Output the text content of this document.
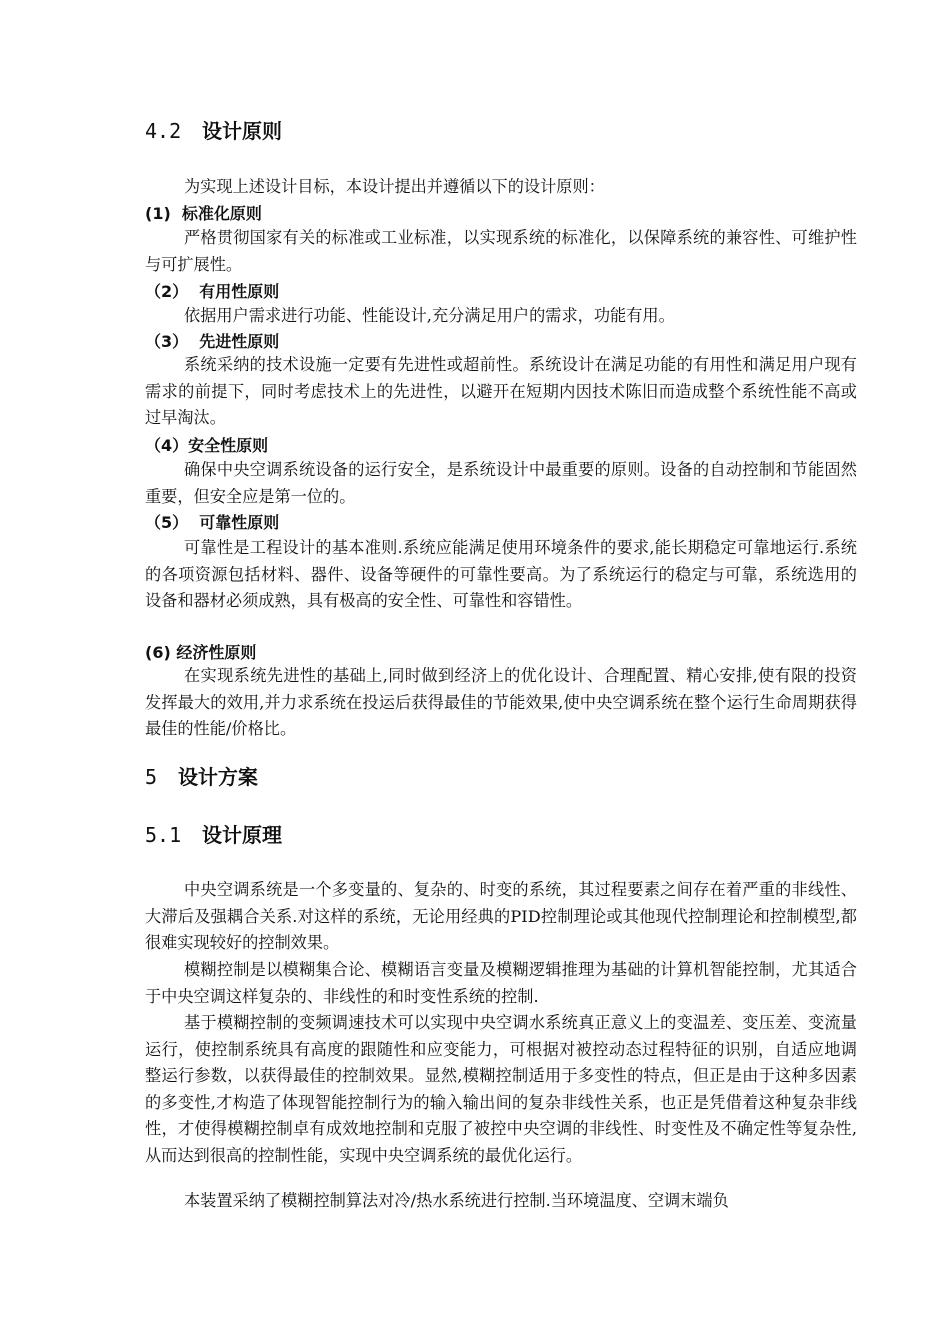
4.2 设计原则

为实现上述设计目标，本设计提出并遵循以下的设计原则：

(1)  标准化原则

严格贯彻国家有关的标准或工业标准，以实现系统的标准化，以保障系统的兼容性、可维护性与可扩展性。

（2）  有用性原则

依据用户需求进行功能、性能设计,充分满足用户的需求，功能有用。

（3）  先进性原则

系统采纳的技术设施一定要有先进性或超前性。系统设计在满足功能的有用性和满足用户现有需求的前提下，同时考虑技术上的先进性，以避开在短期内因技术陈旧而造成整个系统性能不高或过早淘汰。

（4）安全性原则

确保中央空调系统设备的运行安全，是系统设计中最重要的原则。设备的自动控制和节能固然重要，但安全应是第一位的。

（5）  可靠性原则

可靠性是工程设计的基本准则.系统应能满足使用环境条件的要求,能长期稳定可靠地运行.系统的各项资源包括材料、器件、设备等硬件的可靠性要高。为了系统运行的稳定与可靠，系统选用的设备和器材必须成熟，具有极高的安全性、可靠性和容错性。

(6) 经济性原则

在实现系统先进性的基础上,同时做到经济上的优化设计、合理配置、精心安排,使有限的投资发挥最大的效用,并力求系统在投运后获得最佳的节能效果,使中央空调系统在整个运行生命周期获得最佳的性能/价格比。

5 设计方案
5.1 设计原理

中央空调系统是一个多变量的、复杂的、时变的系统，其过程要素之间存在着严重的非线性、大滞后及强耦合关系.对这样的系统，无论用经典的PID控制理论或其他现代控制理论和控制模型,都很难实现较好的控制效果。

模糊控制是以模糊集合论、模糊语言变量及模糊逻辑推理为基础的计算机智能控制，尤其适合于中央空调这样复杂的、非线性的和时变性系统的控制.

基于模糊控制的变频调速技术可以实现中央空调水系统真正意义上的变温差、变压差、变流量运行，使控制系统具有高度的跟随性和应变能力，可根据对被控动态过程特征的识别，自适应地调整运行参数，以获得最佳的控制效果。显然,模糊控制适用于多变性的特点，但正是由于这种多因素的多变性,才构造了体现智能控制行为的输入输出间的复杂非线性关系，也正是凭借着这种复杂非线性，才使得模糊控制卓有成效地控制和克服了被控中央空调的非线性、时变性及不确定性等复杂性,从而达到很高的控制性能，实现中央空调系统的最优化运行。

本装置采纳了模糊控制算法对冷/热水系统进行控制.当环境温度、空调末端负
